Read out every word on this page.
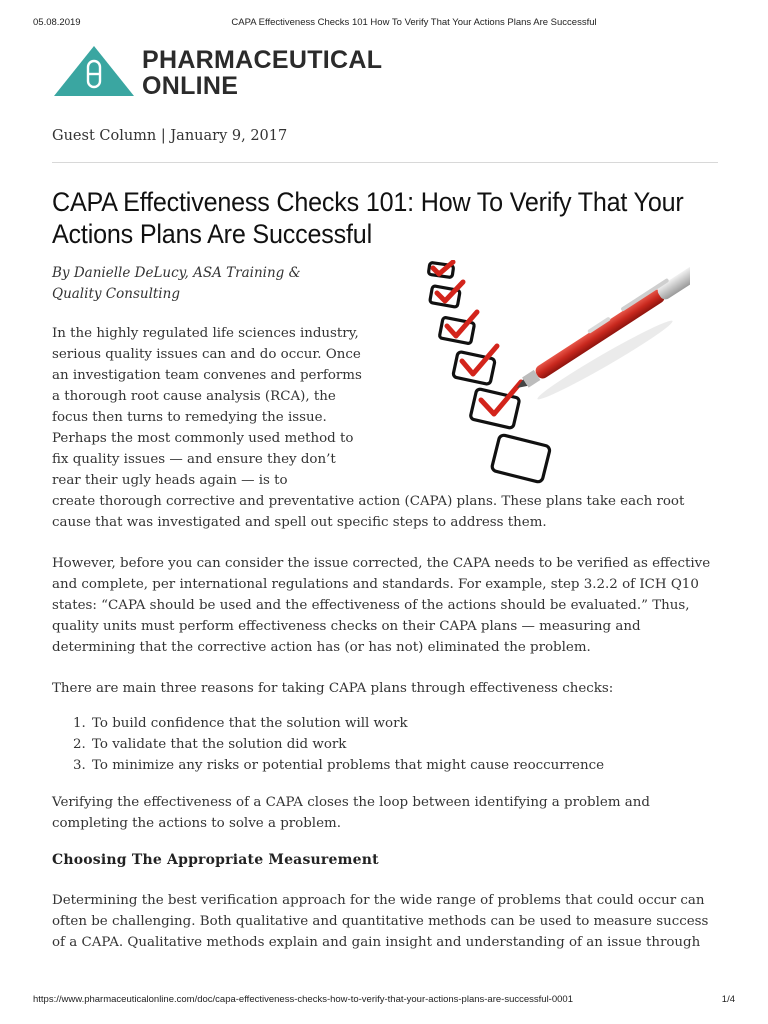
05.08.2019	CAPA Effectiveness Checks 101 How To Verify That Your Actions Plans Are Successful
PHARMACEUTICAL
ONLINE
Guest Column | January 9, 2017
CAPA Effectiveness Checks 101: How To Verify That Your Actions Plans Are Successful
By Danielle DeLucy, ASA Training &
Quality Consulting
In the highly regulated life sciences industry, serious quality issues can and do occur. Once an investigation team convenes and performs a thorough root cause analysis (RCA), the focus then turns to remedying the issue. Perhaps the most commonly used method to fix quality issues — and ensure they don’t rear their ugly heads again — is to
create thorough corrective and preventative action (CAPA) plans. These plans take each root cause that was investigated and spell out specific steps to address them.
However, before you can consider the issue corrected, the CAPA needs to be verified as effective and complete, per international regulations and standards. For example, step 3.2.2 of ICH Q10 states: “CAPA should be used and the effectiveness of the actions should be evaluated.” Thus, quality units must perform effectiveness checks on their CAPA plans — measuring and determining that the corrective action has (or has not) eliminated the problem.
There are main three reasons for taking CAPA plans through effectiveness checks:
1. To build confidence that the solution will work
2. To validate that the solution did work
3. To minimize any risks or potential problems that might cause reoccurrence
Verifying the effectiveness of a CAPA closes the loop between identifying a problem and completing the actions to solve a problem.
Choosing The Appropriate Measurement
Determining the best verification approach for the wide range of problems that could occur can often be challenging. Both qualitative and quantitative methods can be used to measure success of a CAPA. Qualitative methods explain and gain insight and understanding of an issue through
https://www.pharmaceuticalonline.com/doc/capa-effectiveness-checks-how-to-verify-that-your-actions-plans-are-successful-0001	1/4
